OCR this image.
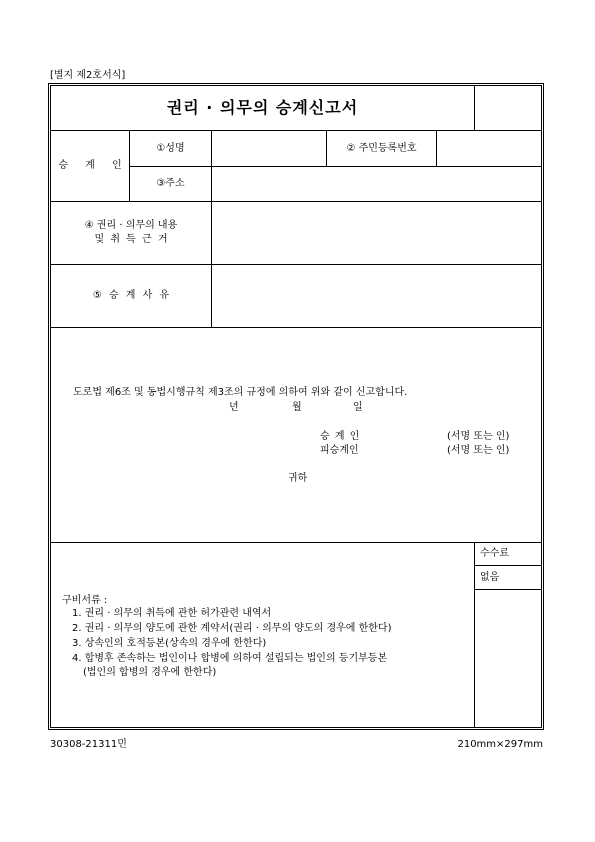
[별지 제2호서식]
권리 · 의무의 승계신고서
승 계 인
①성명	② 주민등록번호
③주소
④ 권리 · 의무의 내용
및 취 득 근 거
⑤ 승 계 사 유
도로법 제6조 및 동법시행규칙 제3조의 규정에 의하여 위와 같이 신고합니다.
년	월	일
승 계 인	(서명 또는 인)
피승계인	(서명 또는 인)
귀하
구비서류 :
1. 권리 · 의무의 취득에 관한 허가관련 내역서
2. 권리 · 의무의 양도에 관한 계약서(권리 · 의무의 양도의 경우에 한한다)
3. 상속인의 호적등본(상속의 경우에 한한다)
4. 합병후 존속하는 법인이나 합병에 의하여 설립되는 법인의 등기부등본
(법인의 합병의 경우에 한한다)
수수료
없음
30308-21311민	210mm×297mm
